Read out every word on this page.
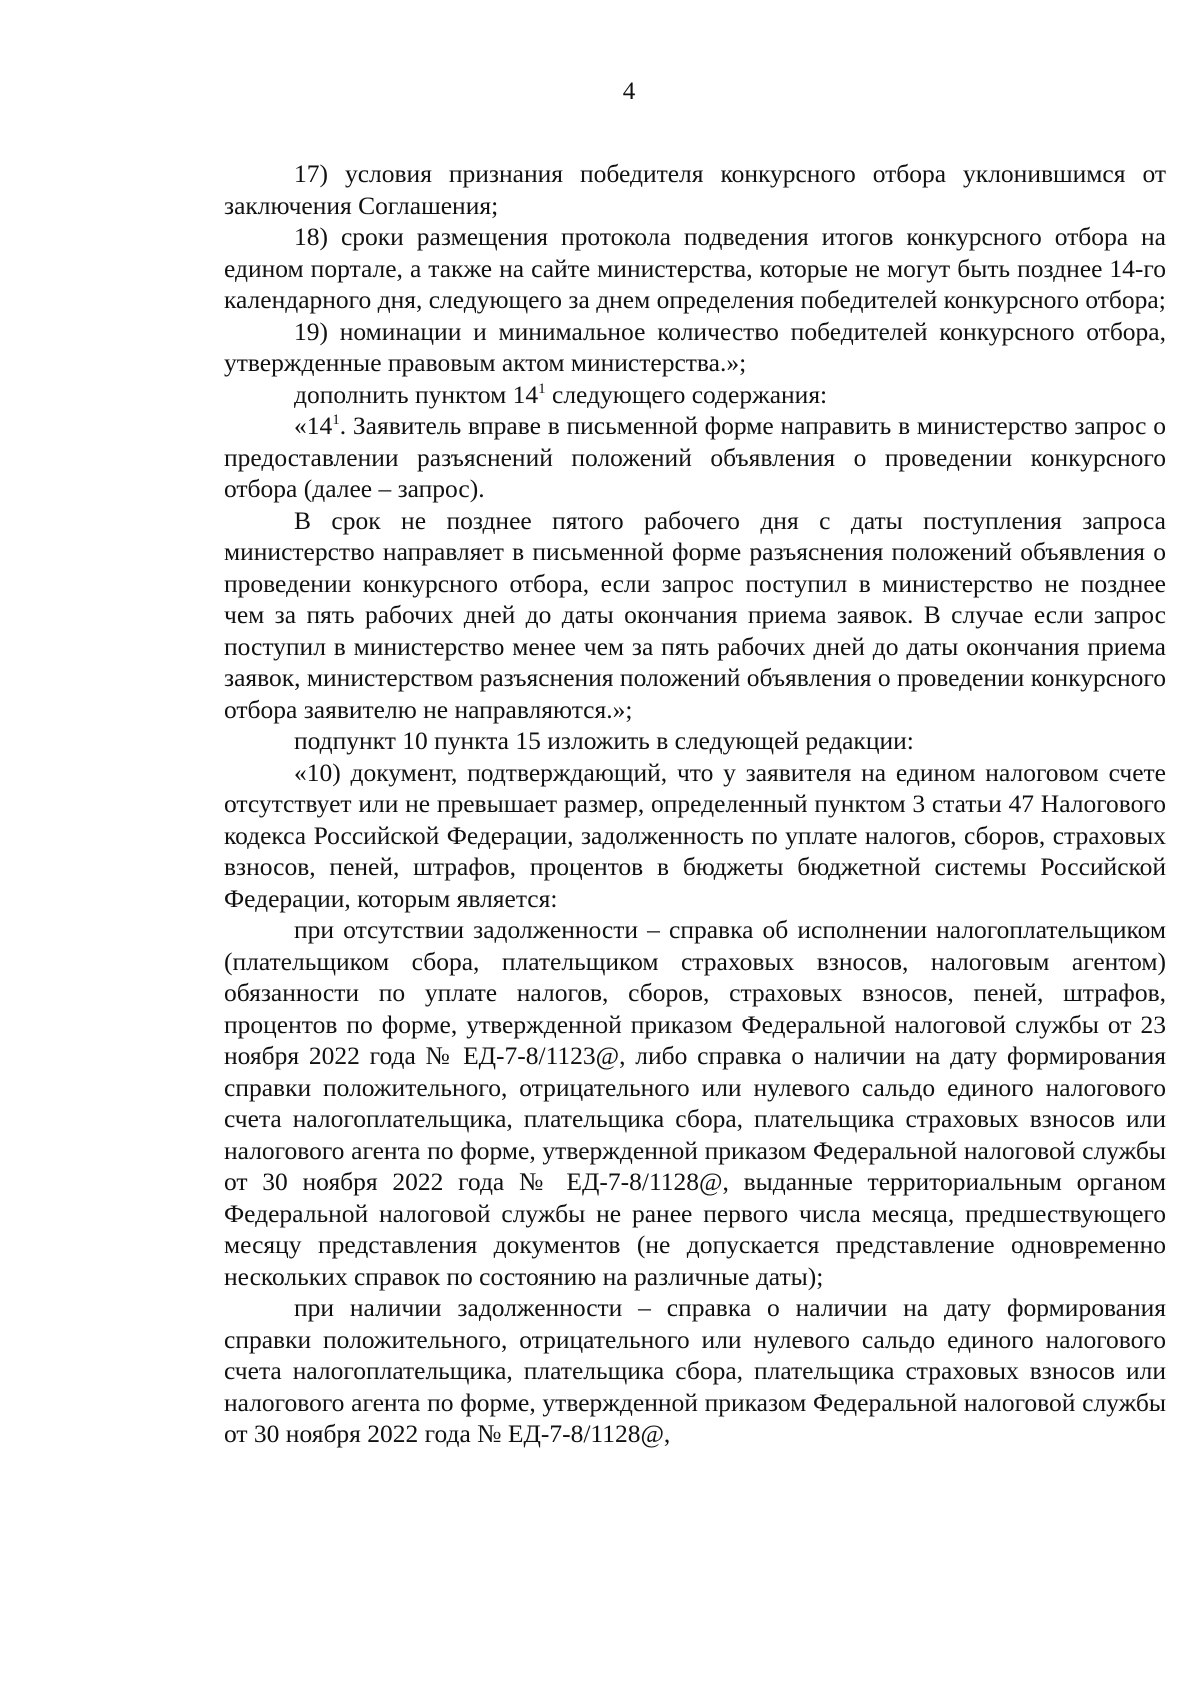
4

17) условия признания победителя конкурсного отбора уклонившимся от заключения Соглашения;

18) сроки размещения протокола подведения итогов конкурсного отбора на едином портале, а также на сайте министерства, которые не могут быть позднее 14-го календарного дня, следующего за днем определения победителей конкурсного отбора;

19) номинации и минимальное количество победителей конкурсного отбора, утвержденные правовым актом министерства.»;

дополнить пунктом $14^1$ следующего содержания:

«$14^1$. Заявитель вправе в письменной форме направить в министерство запрос о предоставлении разъяснений положений объявления о проведении конкурсного отбора (далее – запрос).

В срок не позднее пятого рабочего дня с даты поступления запроса министерство направляет в письменной форме разъяснения положений объявления о проведении конкурсного отбора, если запрос поступил в министерство не позднее чем за пять рабочих дней до даты окончания приема заявок. В случае если запрос поступил в министерство менее чем за пять рабочих дней до даты окончания приема заявок, министерством разъяснения положений объявления о проведении конкурсного отбора заявителю не направляются.»;

подпункт 10 пункта 15 изложить в следующей редакции:

«10) документ, подтверждающий, что у заявителя на едином налоговом счете отсутствует или не превышает размер, определенный пунктом 3 статьи 47 Налогового кодекса Российской Федерации, задолженность по уплате налогов, сборов, страховых взносов, пеней, штрафов, процентов в бюджеты бюджетной системы Российской Федерации, которым является:

при отсутствии задолженности – справка об исполнении налогоплательщиком (плательщиком сбора, плательщиком страховых взносов, налоговым агентом) обязанности по уплате налогов, сборов, страховых взносов, пеней, штрафов, процентов по форме, утвержденной приказом Федеральной налоговой службы от 23 ноября 2022 года № ЕД-7-8/1123@, либо справка о наличии на дату формирования справки положительного, отрицательного или нулевого сальдо единого налогового счета налогоплательщика, плательщика сбора, плательщика страховых взносов или налогового агента по форме, утвержденной приказом Федеральной налоговой службы от 30 ноября 2022 года № ЕД-7-8/1128@, выданные территориальным органом Федеральной налоговой службы не ранее первого числа месяца, предшествующего месяцу представления документов (не допускается представление одновременно нескольких справок по состоянию на различные даты);

при наличии задолженности – справка о наличии на дату формирования справки положительного, отрицательного или нулевого сальдо единого налогового счета налогоплательщика, плательщика сбора, плательщика страховых взносов или налогового агента по форме, утвержденной приказом Федеральной налоговой службы от 30 ноября 2022 года № ЕД-7-8/1128@,
